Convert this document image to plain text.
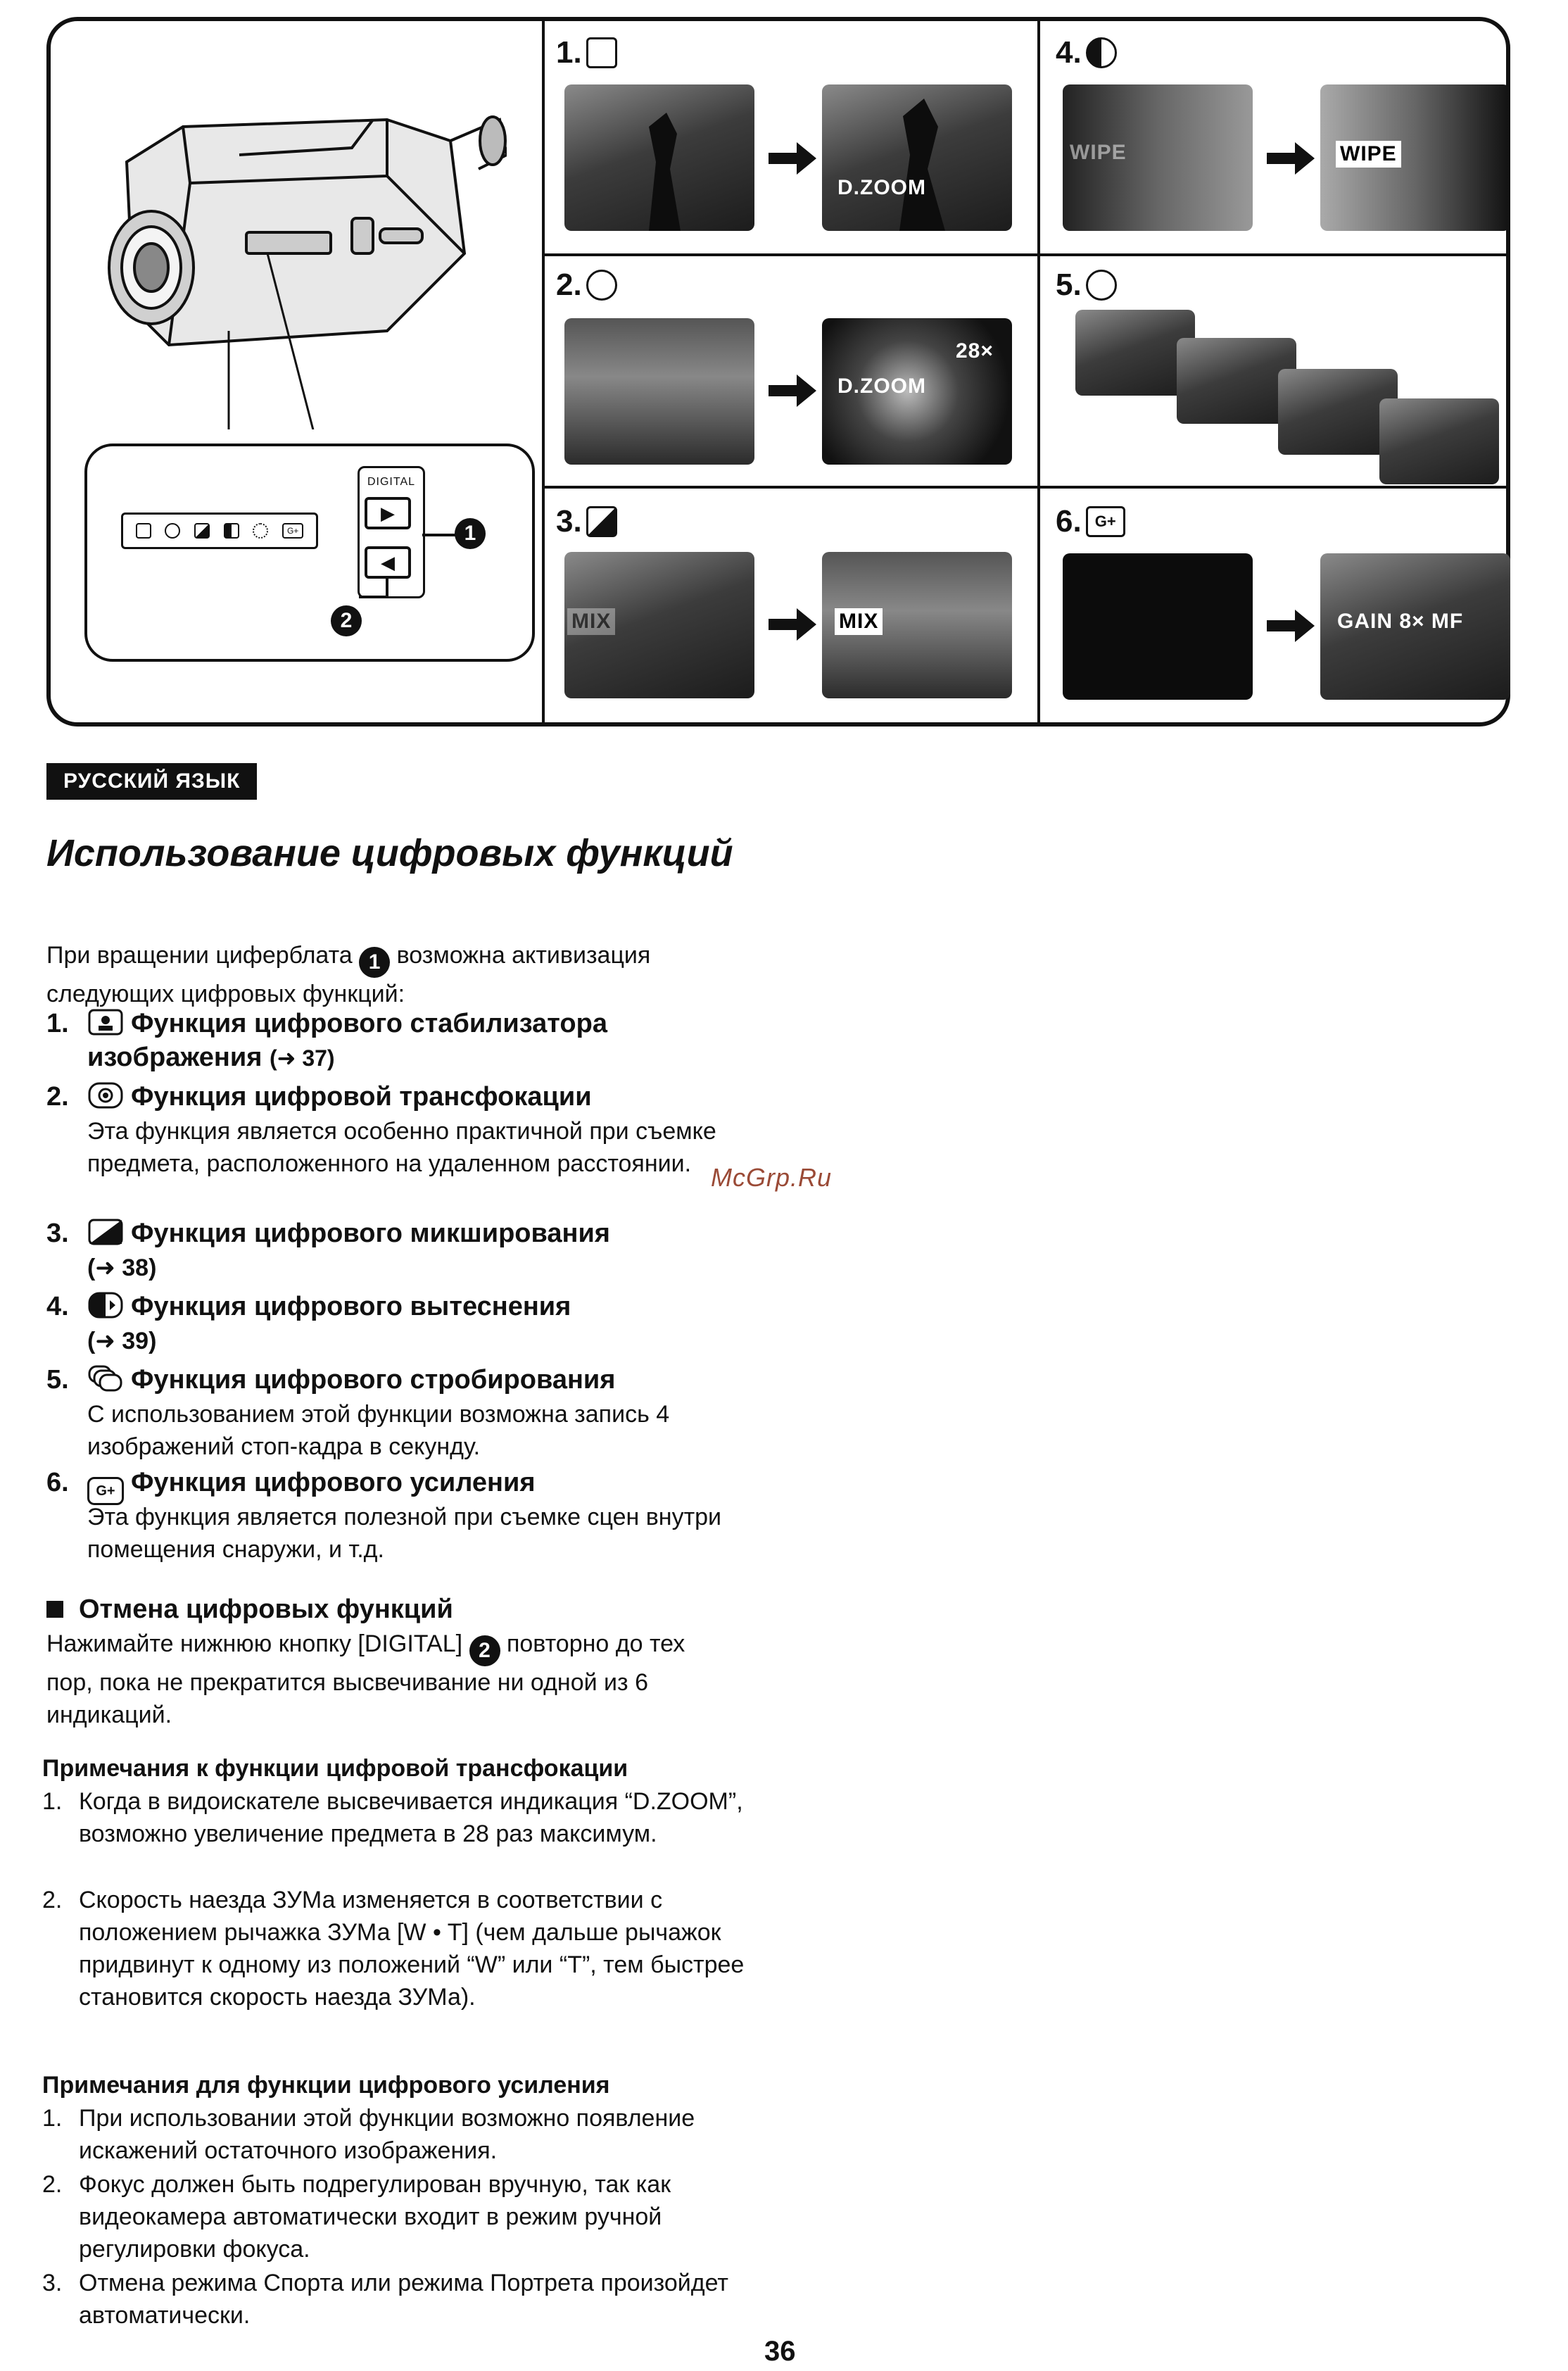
G+
DIGITAL
▶
◀
1
2
1.
D.ZOOM
2.
28×
D.ZOOM
3.
MIX	MIX
4.
WIPE	WIPE
5.
6. G+
GAIN 8× MF
РУССКИЙ ЯЗЫК
Использование цифровых функций
При вращении циферблата 1 возможна активизация следующих цифровых функций:
1.	Функция цифрового стабилизатора изображения (➜ 37)
2.	Функция цифровой трансфокации
Эта функция является особенно практичной при съемке предмета, расположенного на удаленном расстоянии.
3.	Функция цифрового микширования
(➜ 38)
4.	Функция цифрового вытеснения
(➜ 39)
5.	Функция цифрового стробирования
С использованием этой функции возможна запись 4 изображений стоп-кадра в секунду.
6.	G+ Функция цифрового усиления
Эта функция является полезной при съемке сцен внутри помещения снаружи, и т.д.
Отмена цифровых функций
Нажимайте нижнюю кнопку [DIGITAL] 2 повторно до тех пор, пока не прекратится высвечивание ни одной из 6 индикаций.
Примечания к функции цифровой трансфокации
1. Когда в видоискателе высвечивается индикация “D.ZOOM”, возможно увеличение предмета в 28 раз максимум.
2. Скорость наезда ЗУМа изменяется в соответствии с положением рычажка ЗУМа [W • T] (чем дальше рычажок придвинут к одному из положений “W” или “T”, тем быстрее становится скорость наезда ЗУМа).
Примечания для функции цифрового усиления
1. При использовании этой функции возможно появление искажений остаточного изображения.
2. Фокус должен быть подрегулирован вручную, так как видеокамера автоматически входит в режим ручной регулировки фокуса.
3. Отмена режима Спорта или режима Портрета произойдет автоматически.
McGrp.Ru
36
